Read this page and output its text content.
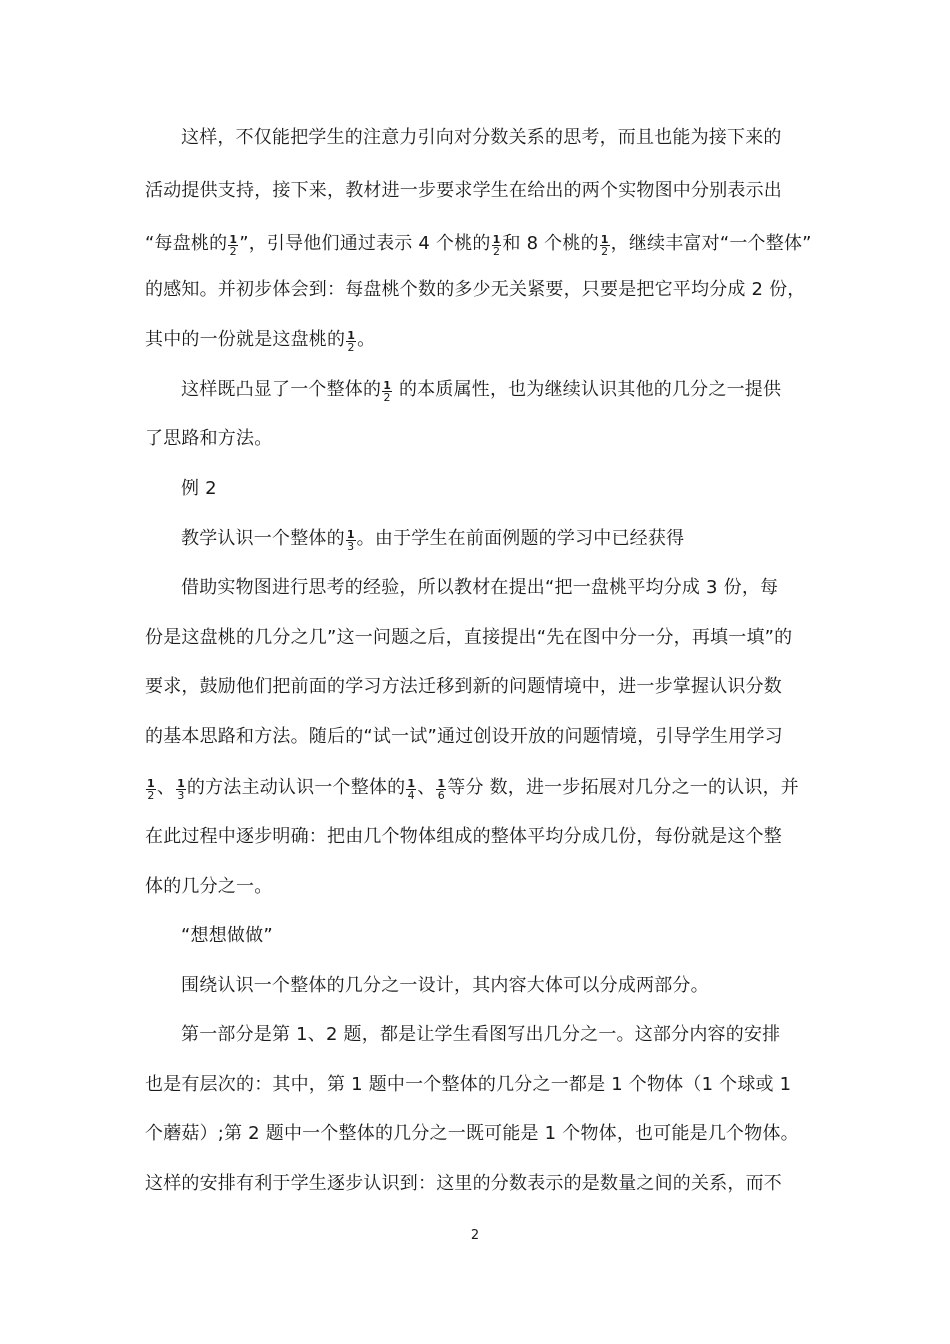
这样，不仅能把学生的注意力引向对分数关系的思考，而且也能为接下来的
活动提供支持，接下来，教材进一步要求学生在给出的两个实物图中分别表示出
“每盘桃的 $\frac{1}{2}$ ”，引导他们通过表示 4 个桃的 $\frac{1}{2}$ 和 8 个桃的 $\frac{1}{2}$ ，继续丰富对“一个整体”
的感知。并初步体会到：每盘桃个数的多少无关紧要，只要是把它平均分成 2 份，
其中的一份就是这盘桃的 $\frac{1}{2}$ 。
这样既凸显了一个整体的 $\frac{1}{2}$ 的本质属性，也为继续认识其他的几分之一提供
了思路和方法。
例 2
教学认识一个整体的 $\frac{1}{3}$ 。由于学生在前面例题的学习中已经获得
借助实物图进行思考的经验，所以教材在提出“把一盘桃平均分成 3 份，每
份是这盘桃的几分之几”这一问题之后，直接提出“先在图中分一分，再填一填”的
要求，鼓励他们把前面的学习方法迁移到新的问题情境中，进一步掌握认识分数
的基本思路和方法。随后的“试一试”通过创设开放的问题情境，引导学生用学习
$\frac{1}{2}$ 、 $\frac{1}{3}$ 的方法主动认识一个整体的 $\frac{1}{4}$ 、 $\frac{1}{6}$ 等分 数，进一步拓展对几分之一的认识，并
在此过程中逐步明确：把由几个物体组成的整体平均分成几份，每份就是这个整
体的几分之一。
“想想做做”
围绕认识一个整体的几分之一设计，其内容大体可以分成两部分。
第一部分是第 1、2 题，都是让学生看图写出几分之一。这部分内容的安排
也是有层次的：其中，第 1 题中一个整体的几分之一都是 1 个物体（1 个球或 1
个蘑菇）;第 2 题中一个整体的几分之一既可能是 1 个物体，也可能是几个物体。
这样的安排有利于学生逐步认识到：这里的分数表示的是数量之间的关系，而不
2
